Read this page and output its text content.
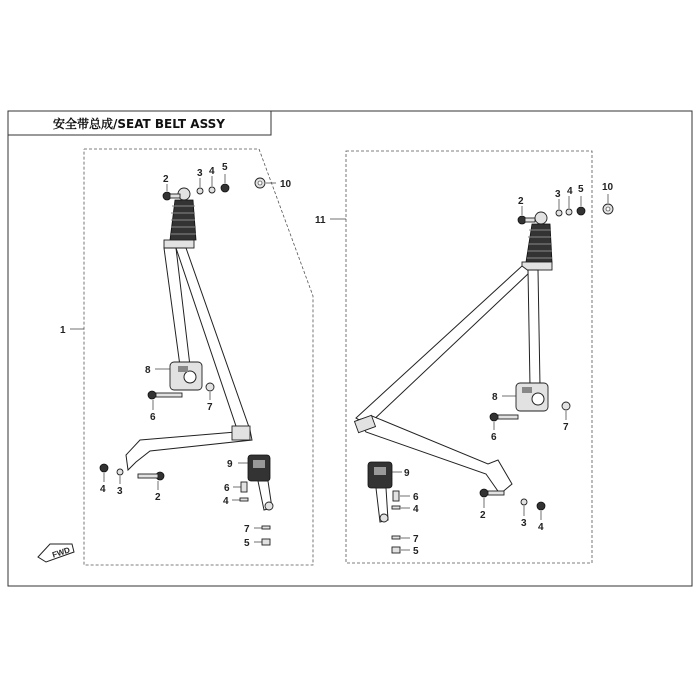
安全带总成/SEAT BELT ASSY
1
8
6
7
4 3
2
9
6
4
7
5
2
3 4 5
10
11
8
6
7
9
6
4
7
5
2
3 4
2
3 4 5 10
FWD
